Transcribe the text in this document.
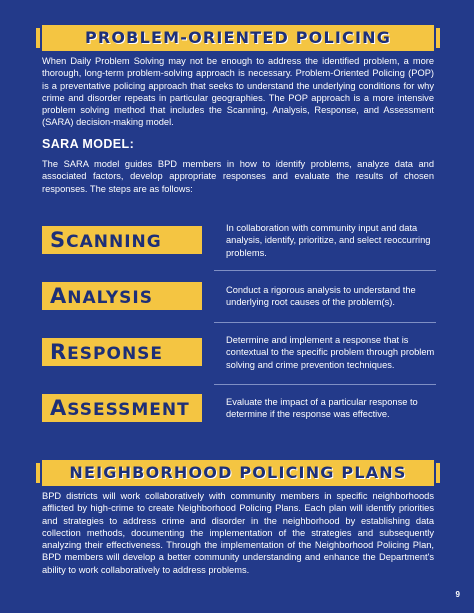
PROBLEM-ORIENTED POLICING

When Daily Problem Solving may not be enough to address the identified problem, a more thorough, long-term problem-solving approach is necessary. Problem-Oriented Policing (POP) is a preventative policing approach that seeks to understand the underlying conditions for why crime and disorder repeats in particular geographies. The POP approach is a more intensive problem solving method that includes the Scanning, Analysis, Response, and Assessment (SARA) decision-making model.

SARA MODEL:

The SARA model guides BPD members in how to identify problems, analyze data and associated factors, develop appropriate responses and evaluate the results of chosen responses. The steps are as follows:

SCANNING

In collaboration with community input and data analysis, identify, prioritize, and select reoccurring problems.

ANALYSIS	Conduct a rigorous analysis to understand the underlying root causes of the problem(s).

RESPONSE

Determine and implement a response that is contextual to the specific problem through problem solving and crime prevention techniques.

ASSESSMENT	Evaluate the impact of a particular response to determine if the response was effective.

NEIGHBORHOOD POLICING PLANS

BPD districts will work collaboratively with community members in specific neighborhoods afflicted by high-crime to create Neighborhood Policing Plans. Each plan will identify priorities and strategies to address crime and disorder in the neighborhood by establishing data collection methods, documenting the implementation of the strategies and subsequently analyzing their effectiveness. Through the implementation of the Neighborhood Policing Plan, BPD members will develop a better community understanding and enhance the Department's ability to work collaboratively to address problems.

9
